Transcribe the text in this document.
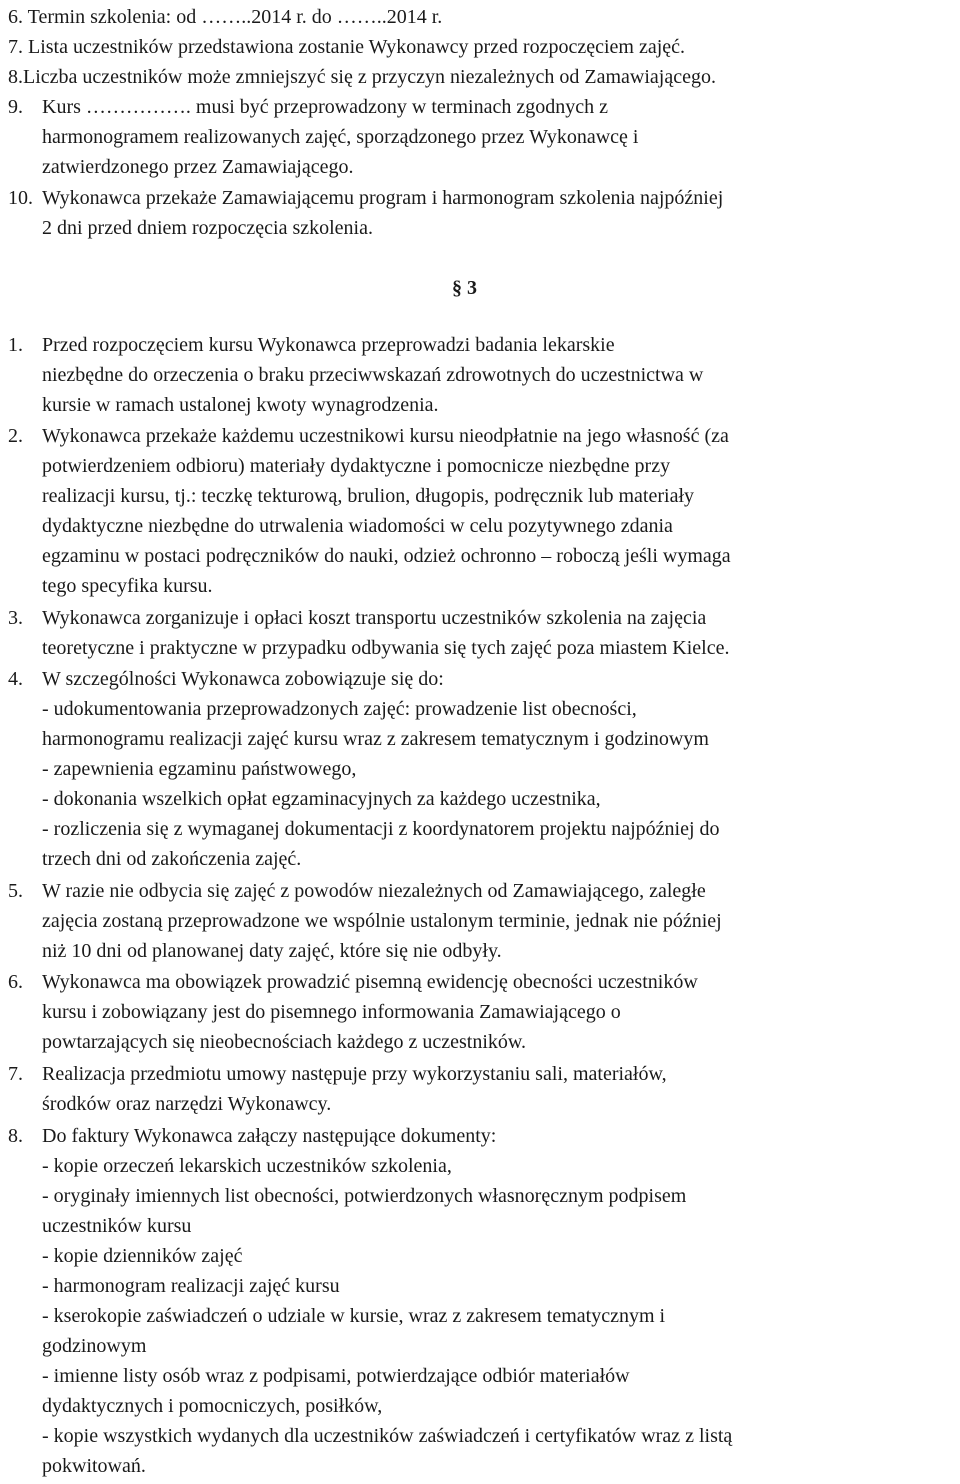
6. Termin szkolenia: od ……..2014 r. do ……..2014 r.
7. Lista uczestników przedstawiona zostanie Wykonawcy przed rozpoczęciem zajęć.
8.Liczba uczestników może zmniejszyć się z przyczyn niezależnych od Zamawiającego.
9. Kurs ……………. musi być przeprowadzony w terminach zgodnych z
harmonogramem realizowanych zajęć, sporządzonego przez Wykonawcę i
zatwierdzonego przez Zamawiającego.
10. Wykonawca przekaże Zamawiającemu program i harmonogram szkolenia najpóźniej
2 dni przed dniem rozpoczęcia szkolenia.
§ 3
1. Przed rozpoczęciem kursu Wykonawca przeprowadzi badania lekarskie
niezbędne do orzeczenia o braku przeciwwskazań zdrowotnych do uczestnictwa w
kursie w ramach ustalonej kwoty wynagrodzenia.
2. Wykonawca przekaże każdemu uczestnikowi kursu nieodpłatnie na jego własność (za
potwierdzeniem odbioru) materiały dydaktyczne i pomocnicze niezbędne przy
realizacji kursu, tj.: teczkę tekturową, brulion, długopis, podręcznik lub materiały
dydaktyczne niezbędne do utrwalenia wiadomości w celu pozytywnego zdania
egzaminu w postaci podręczników do nauki, odzież ochronno – roboczą jeśli wymaga
tego specyfika kursu.
3. Wykonawca zorganizuje i opłaci koszt transportu uczestników szkolenia na zajęcia
teoretyczne i praktyczne w przypadku odbywania się tych zajęć poza miastem Kielce.
4. W szczególności Wykonawca zobowiązuje się do:
- udokumentowania przeprowadzonych zajęć: prowadzenie list obecności,
harmonogramu realizacji zajęć kursu wraz z zakresem tematycznym i godzinowym
- zapewnienia egzaminu państwowego,
- dokonania wszelkich opłat egzaminacyjnych za każdego uczestnika,
- rozliczenia się z wymaganej dokumentacji z koordynatorem projektu najpóźniej do
trzech dni od zakończenia zajęć.
5. W razie nie odbycia się zajęć z powodów niezależnych od Zamawiającego, zaległe
zajęcia zostaną przeprowadzone we wspólnie ustalonym terminie, jednak nie później
niż 10 dni od planowanej daty zajęć, które się nie odbyły.
6. Wykonawca ma obowiązek prowadzić pisemną ewidencję obecności uczestników
kursu i zobowiązany jest do pisemnego informowania Zamawiającego o
powtarzających się nieobecnościach każdego z uczestników.
7. Realizacja przedmiotu umowy następuje przy wykorzystaniu sali, materiałów,
środków oraz narzędzi Wykonawcy.
8. Do faktury Wykonawca załączy następujące dokumenty:
- kopie orzeczeń lekarskich uczestników szkolenia,
- oryginały imiennych list obecności, potwierdzonych własnoręcznym podpisem
uczestników kursu
- kopie dzienników zajęć
- harmonogram realizacji zajęć kursu
- kserokopie zaświadczeń o udziale w kursie, wraz z zakresem tematycznym i
godzinowym
- imienne listy osób wraz z podpisami, potwierdzające odbiór materiałów
dydaktycznych i pomocniczych, posiłków,
- kopie wszystkich wydanych dla uczestników zaświadczeń i certyfikatów wraz z listą
pokwitowań.
